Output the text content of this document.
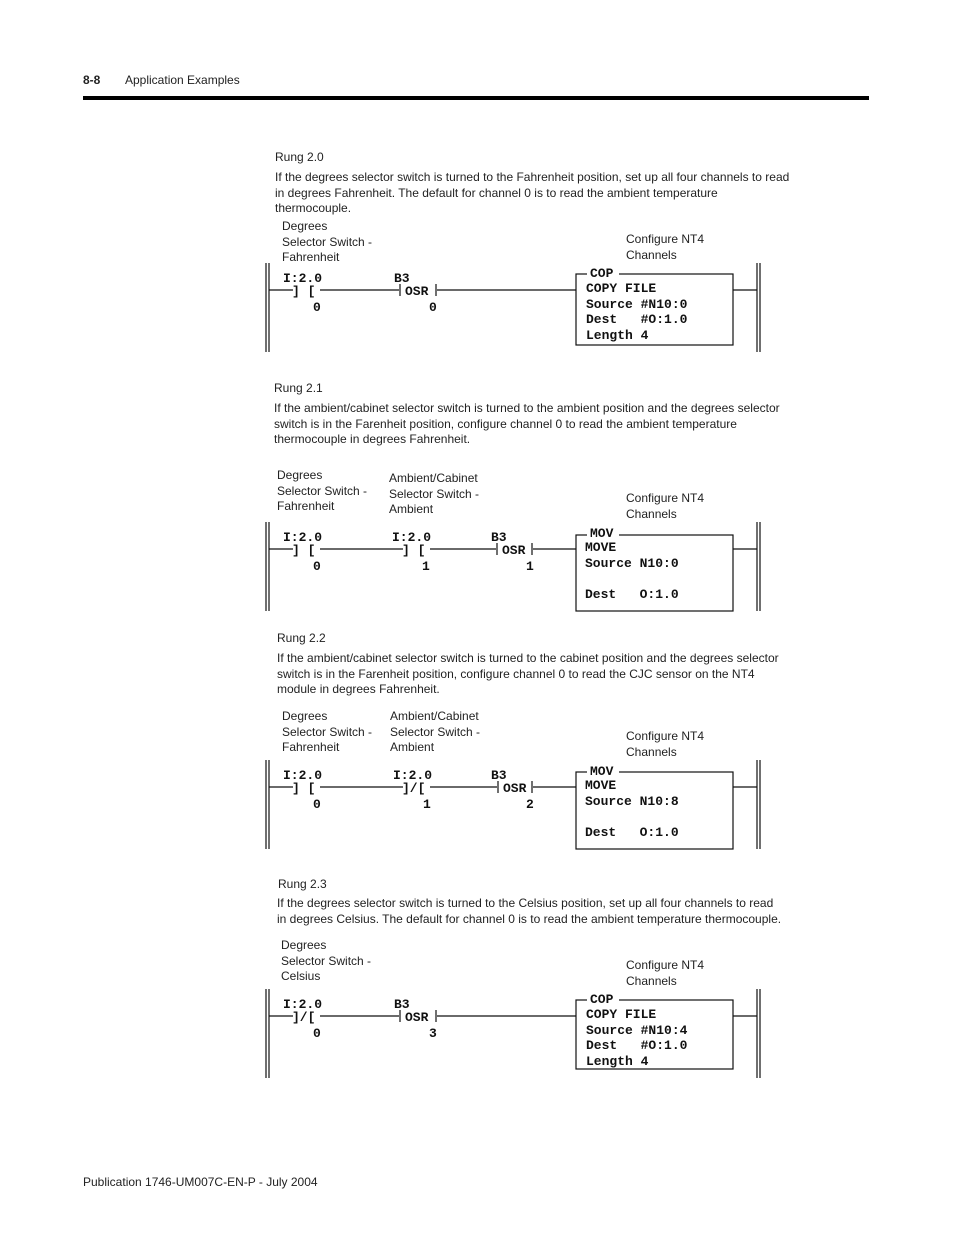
8-8 Application Examples
Rung 2.0
If the degrees selector switch is turned to the Fahrenheit position, set up all four channels to read in degrees Fahrenheit. The default for channel 0 is to read the ambient temperature thermocouple.
Degrees
Selector Switch -
Fahrenheit
Configure NT4
Channels
I:2.0
] [
0
B3
OSR
0
COP
COPY FILE
Source #N10:0
Dest   #O:1.0
Length 4
Rung 2.1
If the ambient/cabinet selector switch is turned to the ambient position and the degrees selector switch is in the Farenheit position, configure channel 0 to read the ambient temperature thermocouple in degrees Fahrenheit.
Degrees
Selector Switch -
Fahrenheit
Ambient/Cabinet
Selector Switch -
Ambient
Configure NT4
Channels
I:2.0
] [
0
I:2.0
] [
1
B3
OSR
1
MOV
MOVE
Source N10:0
Dest   O:1.0
Rung 2.2
If the ambient/cabinet selector switch is turned to the cabinet position and the degrees selector switch is in the Farenheit position, configure channel 0 to read the CJC sensor on the NT4 module in degrees Fahrenheit.
Degrees
Selector Switch -
Fahrenheit
Ambient/Cabinet
Selector Switch -
Ambient
Configure NT4
Channels
I:2.0
] [
0
I:2.0
]/[
1
B3
OSR
2
MOV
MOVE
Source N10:8
Dest   O:1.0
Rung 2.3
If the degrees selector switch is turned to the Celsius position, set up all four channels to read in degrees Celsius. The default for channel 0 is to read the ambient temperature thermocouple.
Degrees
Selector Switch -
Celsius
Configure NT4
Channels
I:2.0
]/[
0
B3
OSR
3
COP
COPY FILE
Source #N10:4
Dest   #O:1.0
Length 4
Publication 1746-UM007C-EN-P - July 2004
